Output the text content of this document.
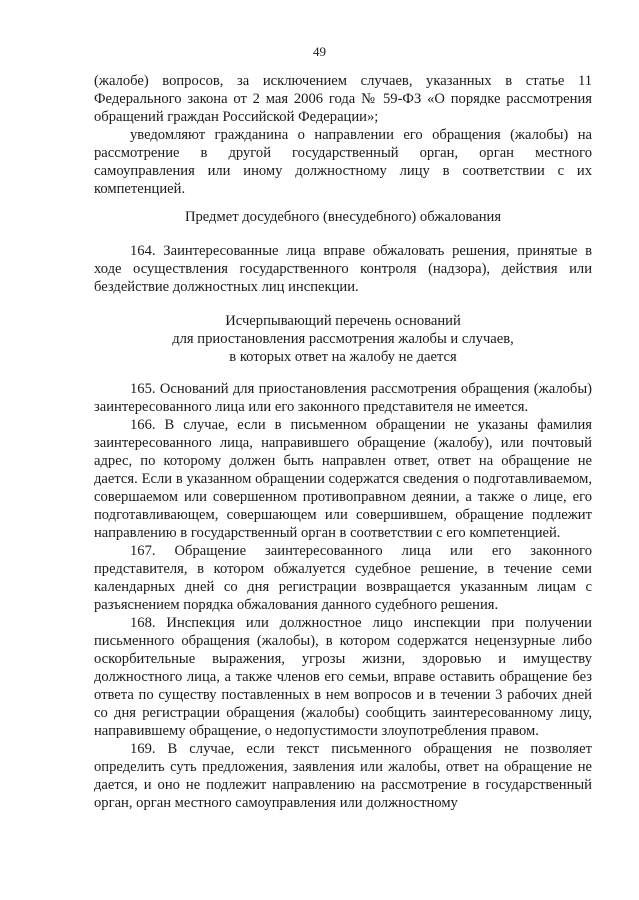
49

(жалобе) вопросов, за исключением случаев, указанных в статье 11 Федерального закона от 2 мая 2006 года № 59-ФЗ «О порядке рассмотрения обращений граждан Российской Федерации»;

уведомляют гражданина о направлении его обращения (жалобы) на рассмотрение в другой государственный орган, орган местного самоуправления или иному должностному лицу в соответствии с их компетенцией.

Предмет досудебного (внесудебного) обжалования

164. Заинтересованные лица вправе обжаловать решения, принятые в ходе осуществления государственного контроля (надзора), действия или бездействие должностных лиц инспекции.

Исчерпывающий перечень оснований
для приостановления рассмотрения жалобы и случаев,
в которых ответ на жалобу не дается

165. Оснований для приостановления рассмотрения обращения (жалобы) заинтересованного лица или его законного представителя не имеется.

166. В случае, если в письменном обращении не указаны фамилия заинтересованного лица, направившего обращение (жалобу), или почтовый адрес, по которому должен быть направлен ответ, ответ на обращение не дается. Если в указанном обращении содержатся сведения о подготавливаемом, совершаемом или совершенном противоправном деянии, а также о лице, его подготавливающем, совершающем или совершившем, обращение подлежит направлению в государственный орган в соответствии с его компетенцией.

167. Обращение заинтересованного лица или его законного представителя, в котором обжалуется судебное решение, в течение семи календарных дней со дня регистрации возвращается указанным лицам с разъяснением порядка обжалования данного судебного решения.

168. Инспекция или должностное лицо инспекции при получении письменного обращения (жалобы), в котором содержатся нецензурные либо оскорбительные выражения, угрозы жизни, здоровью и имуществу должностного лица, а также членов его семьи, вправе оставить обращение без ответа по существу поставленных в нем вопросов и в течении 3 рабочих дней со дня регистрации обращения (жалобы) сообщить заинтересованному лицу, направившему обращение, о недопустимости злоупотребления правом.

169. В случае, если текст письменного обращения не позволяет определить суть предложения, заявления или жалобы, ответ на обращение не дается, и оно не подлежит направлению на рассмотрение в государственный орган, орган местного самоуправления или должностному
